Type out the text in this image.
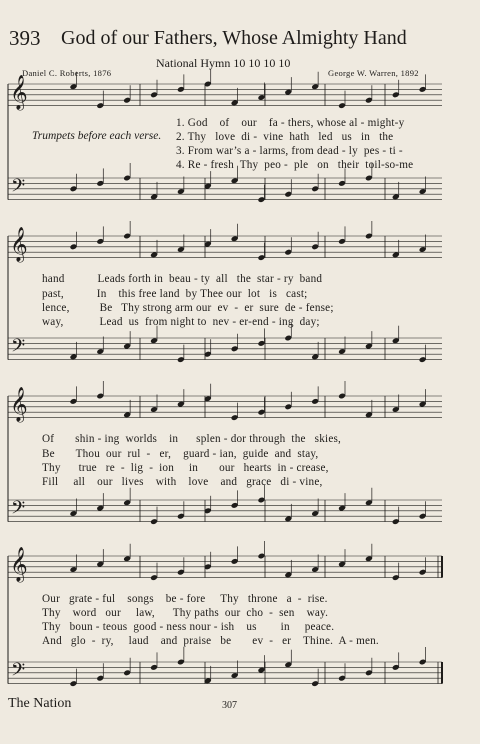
393 God of our Fathers, Whose Almighty Hand
National Hymn 10 10 10 10
Daniel C. Roberts, 1876	George W. Warren, 1892
𝄞
𝄢
𝄞
𝄢
𝄞
𝄢
𝄞
𝄢
Trumpets before each verse.
1. God    of    our    fa - thers, whose al - might-y
2. Thy   love  di -  vine  hath   led   us   in   the
3. From war’s a - larms, from dead - ly  pes - ti -
4. Re - fresh  Thy  peo -  ple   on   their  toil-so-me
hand           Leads forth in  beau - ty  all   the  star - ry  band
past,           In    this free land  by Thee our  lot   is   cast;
lence,          Be   Thy strong arm our  ev  -  er  sure  de - fense;
way,            Lead  us  from night to  nev - er-end - ing  day;
Of       shin - ing  worlds    in      splen - dor through  the   skies,
Be       Thou  our  rul  -   er,    guard - ian,  guide  and  stay,
Thy      true   re  -  lig  -  ion     in       our   hearts  in - crease,
Fill     all    our   lives    with    love    and   grace   di - vine,
Our   grate - ful    songs    be - fore     Thy   throne   a  -  rise.
Thy    word   our     law,      Thy paths  our  cho  -  sen    way.
Thy   boun - teous  good - ness nour - ish    us        in     peace.
And   glo  -  ry,     laud    and  praise   be       ev  -   er    Thine.  A - men.
The Nation	307
